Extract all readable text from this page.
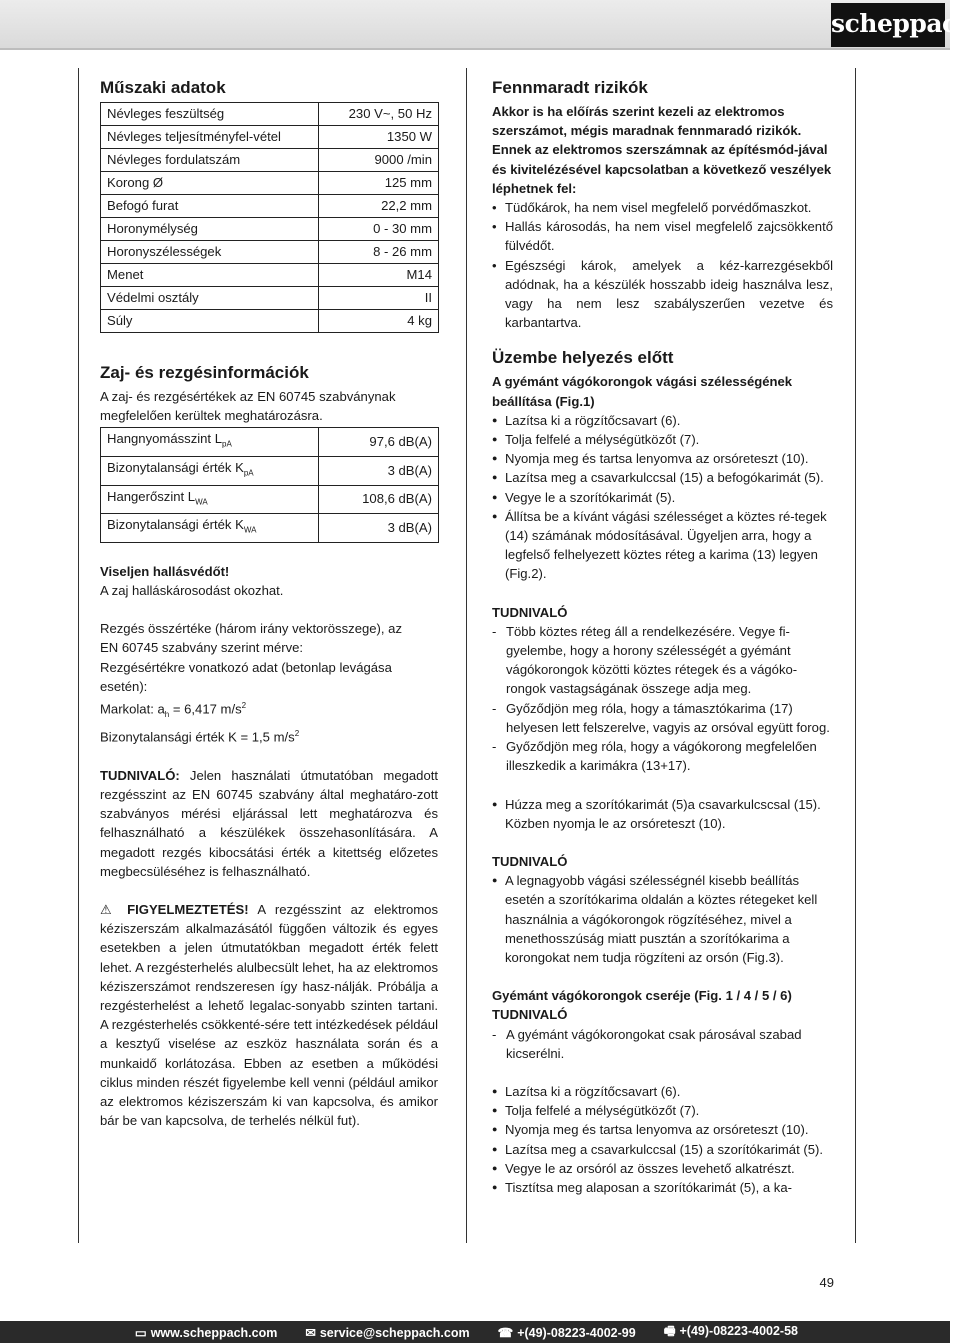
scheppach
Műszaki adatok
Névleges feszültség	230 V~, 50 Hz
Névleges teljesítményfel-vétel	1350 W
Névleges fordulatszám	9000 /min
Korong Ø	125 mm
Befogó furat	22,2 mm
Horonymélység	0 - 30 mm
Horonyszélességek	8 - 26 mm
Menet	M14
Védelmi osztály	II
Súly	4 kg
Zaj- és rezgésinformációk

A zaj- és rezgésértékek az EN 60745 szabványnak megfelelően kerültek meghatározásra.

Hangnyomásszint $L_{pA}$	97,6 dB(A)
Bizonytalansági érték $K_{pA}$	3 dB(A)
Hangerőszint $L_{WA}$	108,6 dB(A)
Bizonytalansági érték $K_{WA}$	3 dB(A)

Viseljen hallásvédőt!

A zaj halláskárosodást okozhat.

Rezgés összértéke (három irány vektorösszege), az

EN 60745 szabvány szerint mérve:

Rezgésértékre vonatkozó adat (betonlap levágása

esetén):

Markolat: $a_h = 6,417$ $m/s^2$

Bizonytalansági érték K = 1,5 $m/s^2$

TUDNIVALÓ: Jelen használati útmutatóban megadott rezgésszint az EN 60745 szabvány által meghatáro-zott szabványos mérési eljárással lett meghatározva és felhasználható a készülékek összehasonlítására. A megadott rezgés kibocsátási érték a kitettség előzetes megbecsüléséhez is felhasználható.

⚠ FIGYELMEZTETÉS! A rezgésszint az elektromos kéziszerszám alkalmazásától függően változik és egyes esetekben a jelen útmutatókban megadott érték felett lehet. A rezgésterhelés alulbecsült lehet, ha az elektromos kéziszerszámot rendszeresen így hasz-nálják. Próbálja a rezgésterhelést a lehető legalac-sonyabb szinten tartani. A rezgésterhelés csökkenté-sére tett intézkedések például a kesztyű viselése az eszköz használata során és a munkaidő korlátozása. Ebben az esetben a működési ciklus minden részét figyelembe kell venni (például amikor az elektromos kéziszerszám ki van kapcsolva, és amikor bár be van kapcsolva, de terhelés nélkül fut).

Fennmaradt rizikók

Akkor is ha előírás szerint kezeli az elektromos szerszámot, mégis maradnak fennmaradó rizikók. Ennek az elektromos szerszámnak az építésmód-jával és kivitelézésével kapcsolatban a következő veszélyek léphetnek fel:

• Tüdőkárok, ha nem visel megfelelő porvédőmaszkot.
• Hallás károsodás, ha nem visel megfelelő zajcsökkentő fülvédőt.
• Egészségi károk, amelyek a kéz-karrezgésekből adódnak, ha a készülék hosszabb ideig használva lesz, vagy ha nem lesz szabályszerűen vezetve és karbantartva.
Üzembe helyezés előtt

A gyémánt vágókorongok vágási szélességének beállítása (Fig.1)

● Lazítsa ki a rögzítőcsavart (6).
● Tolja felfelé a mélységütközőt (7).
● Nyomja meg és tartsa lenyomva az orsóreteszt (10).
● Lazítsa meg a csavarkulccsal (15) a befogókarimát (5).
● Vegye le a szorítókarimát (5).
● Állítsa be a kívánt vágási szélességet a köztes ré-tegek (14) számának módosításával. Ügyeljen arra, hogy a legfelső felhelyezett köztes réteg a karima (13) legyen (Fig.2).

TUDNIVALÓ

- Több köztes réteg áll a rendelkezésére. Vegye fi-gyelembe, hogy a horony szélességét a gyémánt vágókorongok közötti köztes rétegek és a vágóko-rongok vastagságának összege adja meg.
- Győződjön meg róla, hogy a támasztókarima (17) helyesen lett felszerelve, vagyis az orsóval együtt forog.
- Győződjön meg róla, hogy a vágókorong megfelelően illeszkedik a karimákra (13+17).
● Húzza meg a szorítókarimát (5)a csavarkulcscsal (15). Közben nyomja le az orsóreteszt (10).

TUDNIVALÓ

● A legnagyobb vágási szélességnél kisebb beállítás esetén a szorítókarima oldalán a köztes rétegeket kell használnia a vágókorongok rögzítéséhez, mivel a menethosszúság miatt pusztán a szorítókarima a korongokat nem tudja rögzíteni az orsón (Fig.3).

Gyémánt vágókorongok cseréje (Fig. 1 / 4 / 5 / 6)

TUDNIVALÓ

- A gyémánt vágókorongokat csak párosával szabad kicserélni.
● Lazítsa ki a rögzítőcsavart (6).
● Tolja felfelé a mélységütközőt (7).
● Nyomja meg és tartsa lenyomva az orsóreteszt (10).
● Lazítsa meg a csavarkulccsal (15) a szorítókarimát (5).
● Vegye le az orsóról az összes levehető alkatrészt.
● Tisztítsa meg alaposan a szorítókarimát (5), a ka-
49
▭ www.scheppach.com ✉ service@scheppach.com ☎ +(49)-08223-4002-99 🖷 +(49)-08223-4002-58
